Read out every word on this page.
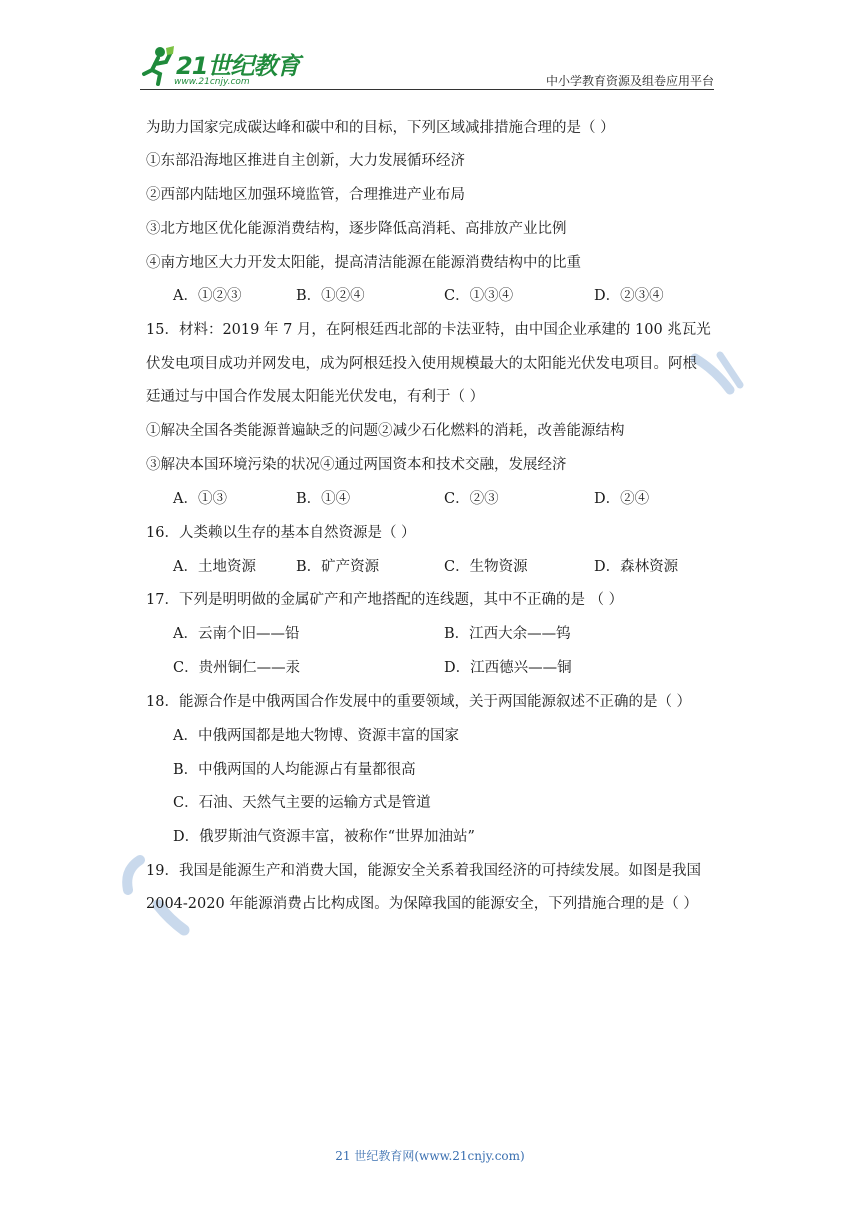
21世纪教育
www.21cnjy.com	中小学教育资源及组卷应用平台
为助力国家完成碳达峰和碳中和的目标，下列区域减排措施合理的是（ ）
①东部沿海地区推进自主创新，大力发展循环经济
②西部内陆地区加强环境监管，合理推进产业布局
③北方地区优化能源消费结构，逐步降低高消耗、高排放产业比例
④南方地区大力开发太阳能，提高清洁能源在能源消费结构中的比重
A．①②③	B．①②④	C．①③④	D．②③④
15．材料：2019 年 7 月，在阿根廷西北部的卡法亚特，由中国企业承建的 100 兆瓦光
伏发电项目成功并网发电，成为阿根廷投入使用规模最大的太阳能光伏发电项目。阿根
廷通过与中国合作发展太阳能光伏发电，有利于（ ）
①解决全国各类能源普遍缺乏的问题②减少石化燃料的消耗，改善能源结构
③解决本国环境污染的状况④通过两国资本和技术交融，发展经济
A．①③	B．①④	C．②③	D．②④
16．人类赖以生存的基本自然资源是（ ）
A．土地资源	B．矿产资源	C．生物资源	D．森林资源
17．下列是明明做的金属矿产和产地搭配的连线题，其中不正确的是 （ ）
A．云南个旧——铅	B．江西大余——钨
C．贵州铜仁——汞	D．江西德兴——铜
18．能源合作是中俄两国合作发展中的重要领域，关于两国能源叙述不正确的是（ ）
A．中俄两国都是地大物博、资源丰富的国家
B．中俄两国的人均能源占有量都很高
C．石油、天然气主要的运输方式是管道
D．俄罗斯油气资源丰富，被称作“世界加油站”
19．我国是能源生产和消费大国，能源安全关系着我国经济的可持续发展。如图是我国
2004-2020 年能源消费占比构成图。为保障我国的能源安全，下列措施合理的是（ ）
21 世纪教育网(www.21cnjy.com)
